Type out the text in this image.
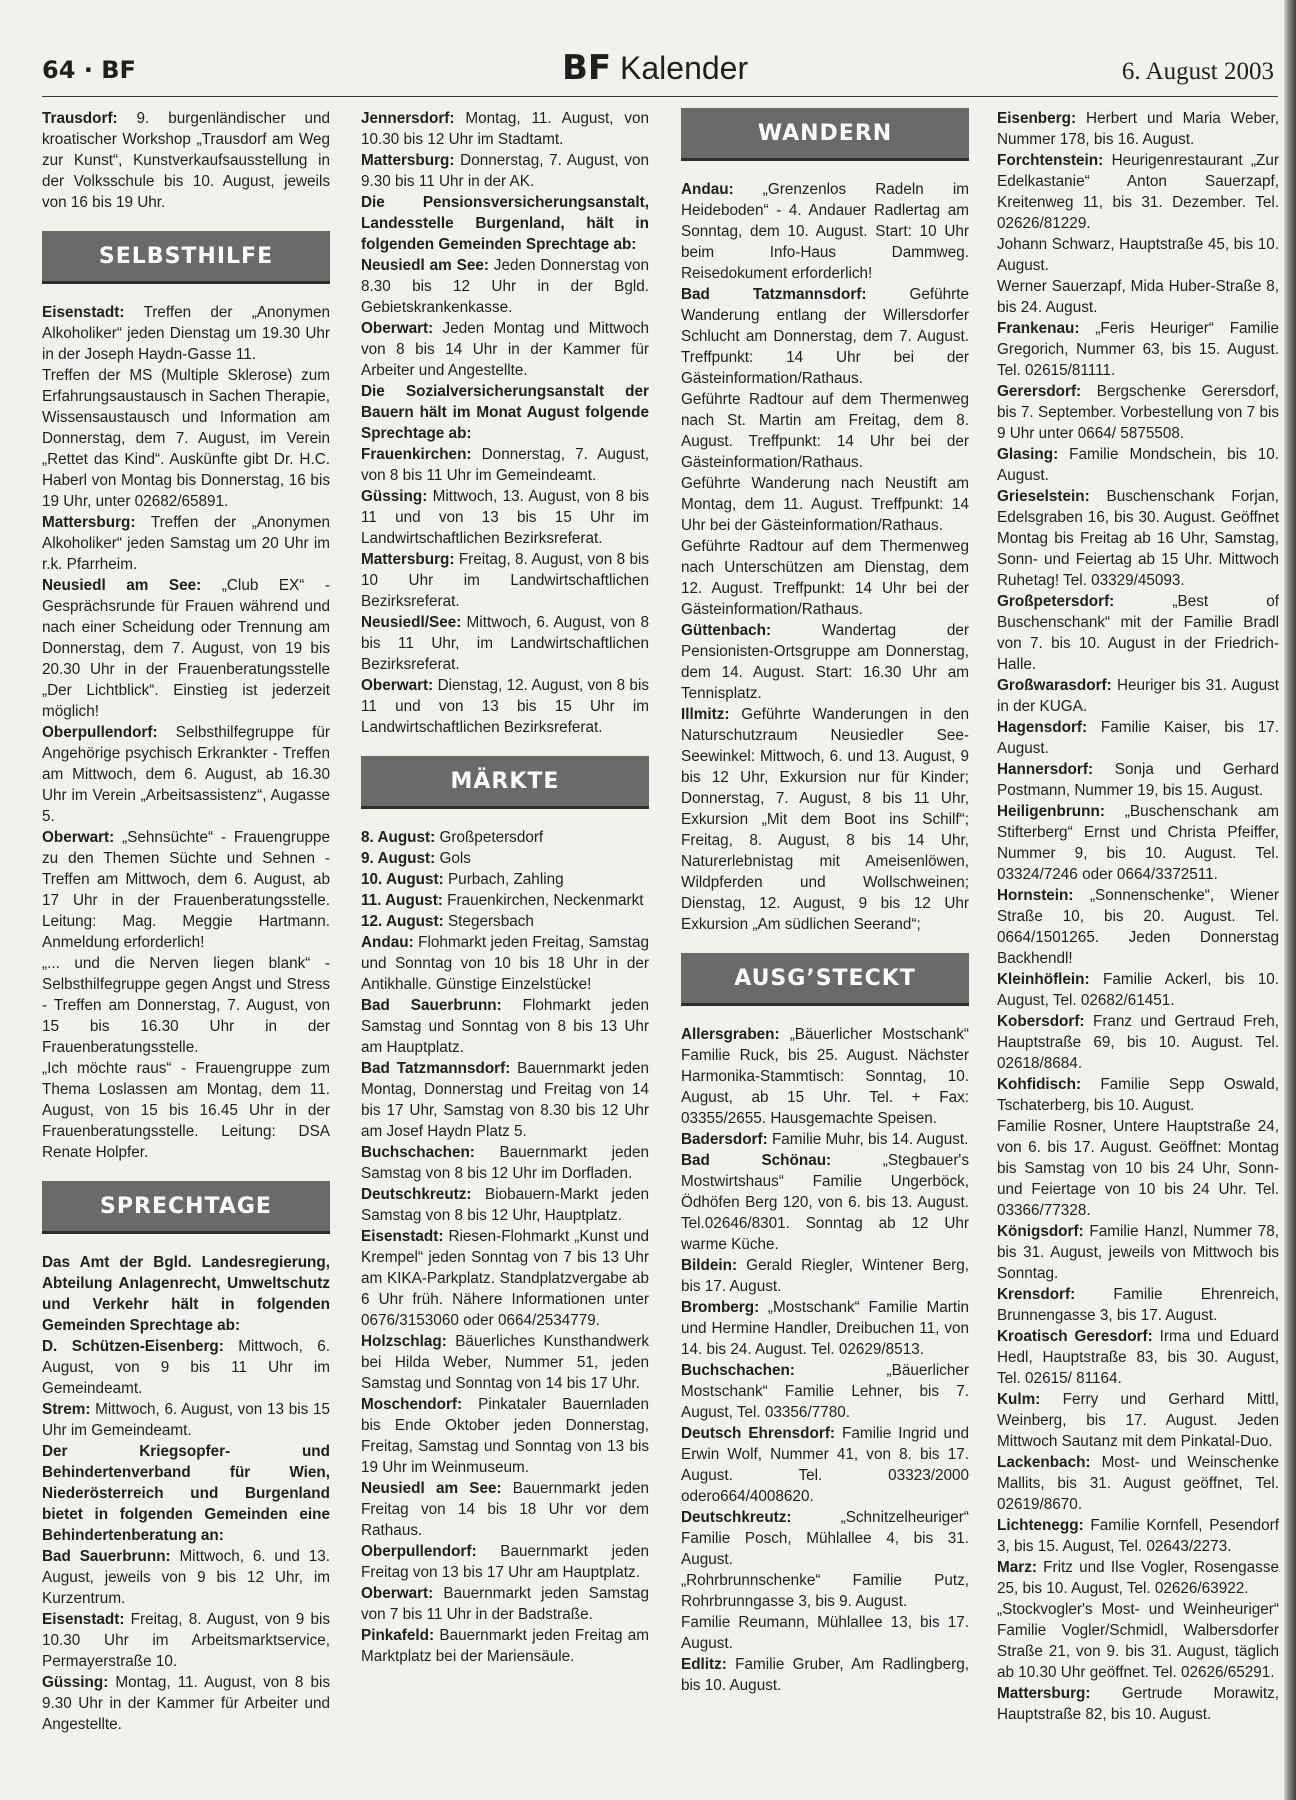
64 · BF	BF Kalender	6. August 2003

Trausdorf: 9. burgenländischer und kroatischer Workshop „Trausdorf am Weg zur Kunst“, Kunstverkaufsausstellung in der Volksschule bis 10. August, jeweils von 16 bis 19 Uhr.

SELBSTHILFE

Eisenstadt: Treffen der „Anonymen Alkoholiker“ jeden Dienstag um 19.30 Uhr in der Joseph Haydn-Gasse 11.

Treffen der MS (Multiple Sklerose) zum Erfahrungsaustausch in Sachen Therapie, Wissensaustausch und Information am Donnerstag, dem 7. August, im Verein „Rettet das Kind“. Auskünfte gibt Dr. H.C. Haberl von Montag bis Donnerstag, 16 bis 19 Uhr, unter 02682/65891.

Mattersburg: Treffen der „Anonymen Alkoholiker“ jeden Samstag um 20 Uhr im r.k. Pfarrheim.

Neusiedl am See: „Club EX“ - Gesprächsrunde für Frauen während und nach einer Scheidung oder Trennung am Donnerstag, dem 7. August, von 19 bis 20.30 Uhr in der Frauenberatungsstelle „Der Lichtblick“. Einstieg ist jederzeit möglich!

Oberpullendorf: Selbsthilfegruppe für Angehörige psychisch Erkrankter - Treffen am Mittwoch, dem 6. August, ab 16.30 Uhr im Verein „Arbeitsassistenz“, Augasse 5.

Oberwart: „Sehnsüchte“ - Frauengruppe zu den Themen Süchte und Sehnen - Treffen am Mittwoch, dem 6. August, ab 17 Uhr in der Frauenberatungsstelle. Leitung: Mag. Meggie Hartmann. Anmeldung erforderlich!

„... und die Nerven liegen blank“ - Selbsthilfegruppe gegen Angst und Stress - Treffen am Donnerstag, 7. August, von 15 bis 16.30 Uhr in der Frauenberatungsstelle.

„Ich möchte raus“ - Frauengruppe zum Thema Loslassen am Montag, dem 11. August, von 15 bis 16.45 Uhr in der Frauenberatungsstelle. Leitung: DSA Renate Holpfer.

SPRECHTAGE

Das Amt der Bgld. Landesregierung, Abteilung Anlagenrecht, Umweltschutz und Verkehr hält in folgenden Gemeinden Sprechtage ab:

D. Schützen-Eisenberg: Mittwoch, 6. August, von 9 bis 11 Uhr im Gemeindeamt.

Strem: Mittwoch, 6. August, von 13 bis 15 Uhr im Gemeindeamt.

Der Kriegsopfer- und Behindertenverband für Wien, Niederösterreich und Burgenland bietet in folgenden Gemeinden eine Behindertenberatung an:

Bad Sauerbrunn: Mittwoch, 6. und 13. August, jeweils von 9 bis 12 Uhr, im Kurzentrum.

Eisenstadt: Freitag, 8. August, von 9 bis 10.30 Uhr im Arbeitsmarktservice, Permayerstraße 10.

Güssing: Montag, 11. August, von 8 bis 9.30 Uhr in der Kammer für Arbeiter und Angestellte.

Jennersdorf: Montag, 11. August, von 10.30 bis 12 Uhr im Stadtamt.

Mattersburg: Donnerstag, 7. August, von 9.30 bis 11 Uhr in der AK.

Die Pensionsversicherungsanstalt, Landesstelle Burgenland, hält in folgenden Gemeinden Sprechtage ab:

Neusiedl am See: Jeden Donnerstag von 8.30 bis 12 Uhr in der Bgld. Gebietskrankenkasse.

Oberwart: Jeden Montag und Mittwoch von 8 bis 14 Uhr in der Kammer für Arbeiter und Angestellte.

Die Sozialversicherungsanstalt der Bauern hält im Monat August folgende Sprechtage ab:

Frauenkirchen: Donnerstag, 7. August, von 8 bis 11 Uhr im Gemeindeamt.

Güssing: Mittwoch, 13. August, von 8 bis 11 und von 13 bis 15 Uhr im Landwirtschaftlichen Bezirksreferat.

Mattersburg: Freitag, 8. August, von 8 bis 10 Uhr im Landwirtschaftlichen Bezirksreferat.

Neusiedl/See: Mittwoch, 6. August, von 8 bis 11 Uhr, im Landwirtschaftlichen Bezirksreferat.

Oberwart: Dienstag, 12. August, von 8 bis 11 und von 13 bis 15 Uhr im Landwirtschaftlichen Bezirksreferat.

MÄRKTE

8. August: Großpetersdorf

9. August: Gols

10. August: Purbach, Zahling

11. August: Frauenkirchen, Neckenmarkt

12. August: Stegersbach

Andau: Flohmarkt jeden Freitag, Samstag und Sonntag von 10 bis 18 Uhr in der Antikhalle. Günstige Einzelstücke!

Bad Sauerbrunn: Flohmarkt jeden Samstag und Sonntag von 8 bis 13 Uhr am Hauptplatz.

Bad Tatzmannsdorf: Bauernmarkt jeden Montag, Donnerstag und Freitag von 14 bis 17 Uhr, Samstag von 8.30 bis 12 Uhr am Josef Haydn Platz 5.

Buchschachen: Bauernmarkt jeden Samstag von 8 bis 12 Uhr im Dorfladen.

Deutschkreutz: Biobauern-Markt jeden Samstag von 8 bis 12 Uhr, Hauptplatz.

Eisenstadt: Riesen-Flohmarkt „Kunst und Krempel“ jeden Sonntag von 7 bis 13 Uhr am KIKA-Parkplatz. Standplatzvergabe ab 6 Uhr früh. Nähere Informationen unter 0676/3153060 oder 0664/2534779.

Holzschlag: Bäuerliches Kunsthandwerk bei Hilda Weber, Nummer 51, jeden Samstag und Sonntag von 14 bis 17 Uhr.

Moschendorf: Pinkataler Bauernladen bis Ende Oktober jeden Donnerstag, Freitag, Samstag und Sonntag von 13 bis 19 Uhr im Weinmuseum.

Neusiedl am See: Bauernmarkt jeden Freitag von 14 bis 18 Uhr vor dem Rathaus.

Oberpullendorf: Bauernmarkt jeden Freitag von 13 bis 17 Uhr am Hauptplatz.

Oberwart: Bauernmarkt jeden Samstag von 7 bis 11 Uhr in der Badstraße.

Pinkafeld: Bauernmarkt jeden Freitag am Marktplatz bei der Mariensäule.

WANDERN

Andau: „Grenzenlos Radeln im Heideboden“ - 4. Andauer Radlertag am Sonntag, dem 10. August. Start: 10 Uhr beim Info-Haus Dammweg. Reisedokument erforderlich!

Bad Tatzmannsdorf: Geführte Wanderung entlang der Willersdorfer Schlucht am Donnerstag, dem 7. August. Treffpunkt: 14 Uhr bei der Gästeinformation/Rathaus.

Geführte Radtour auf dem Thermenweg nach St. Martin am Freitag, dem 8. August. Treffpunkt: 14 Uhr bei der Gästeinformation/Rathaus.

Geführte Wanderung nach Neustift am Montag, dem 11. August. Treffpunkt: 14 Uhr bei der Gästeinformation/Rathaus.

Geführte Radtour auf dem Thermenweg nach Unterschützen am Dienstag, dem 12. August. Treffpunkt: 14 Uhr bei der Gästeinformation/Rathaus.

Güttenbach: Wandertag der Pensionisten-Ortsgruppe am Donnerstag, dem 14. August. Start: 16.30 Uhr am Tennisplatz.

Illmitz: Geführte Wanderungen in den Naturschutzraum Neusiedler See-Seewinkel: Mittwoch, 6. und 13. August, 9 bis 12 Uhr, Exkursion nur für Kinder; Donnerstag, 7. August, 8 bis 11 Uhr, Exkursion „Mit dem Boot ins Schilf“; Freitag, 8. August, 8 bis 14 Uhr, Naturerlebnistag mit Ameisenlöwen, Wildpferden und Wollschweinen; Dienstag, 12. August, 9 bis 12 Uhr Exkursion „Am südlichen Seerand“;

AUSG’STECKT

Allersgraben: „Bäuerlicher Mostschank“ Familie Ruck, bis 25. August. Nächster Harmonika-Stammtisch: Sonntag, 10. August, ab 15 Uhr. Tel. + Fax: 03355/2655. Hausgemachte Speisen.

Badersdorf: Familie Muhr, bis 14. August.

Bad Schönau: „Stegbauer's Mostwirtshaus“ Familie Ungerböck, Ödhöfen Berg 120, von 6. bis 13. August. Tel.02646/8301. Sonntag ab 12 Uhr warme Küche.

Bildein: Gerald Riegler, Wintener Berg, bis 17. August.

Bromberg: „Mostschank“ Familie Martin und Hermine Handler, Dreibuchen 11, von 14. bis 24. August. Tel. 02629/8513.

Buchschachen: „Bäuerlicher Mostschank“ Familie Lehner, bis 7. August, Tel. 03356/7780.

Deutsch Ehrensdorf: Familie Ingrid und Erwin Wolf, Nummer 41, von 8. bis 17. August. Tel. 03323/2000 odero664/4008620.

Deutschkreutz: „Schnitzelheuriger“ Familie Posch, Mühlallee 4, bis 31. August.

„Rohrbrunnschenke“ Familie Putz, Rohrbrunngasse 3, bis 9. August.

Familie Reumann, Mühlallee 13, bis 17. August.

Edlitz: Familie Gruber, Am Radlingberg, bis 10. August.

Eisenberg: Herbert und Maria Weber, Nummer 178, bis 16. August.

Forchtenstein: Heurigenrestaurant „Zur Edelkastanie“ Anton Sauerzapf, Kreitenweg 11, bis 31. Dezember. Tel. 02626/81229.

Johann Schwarz, Hauptstraße 45, bis 10. August.

Werner Sauerzapf, Mida Huber-Straße 8, bis 24. August.

Frankenau: „Feris Heuriger“ Familie Gregorich, Nummer 63, bis 15. August. Tel. 02615/81111.

Gerersdorf: Bergschenke Gerersdorf, bis 7. September. Vorbestellung von 7 bis 9 Uhr unter 0664/ 5875508.

Glasing: Familie Mondschein, bis 10. August.

Grieselstein: Buschenschank Forjan, Edelsgraben 16, bis 30. August. Geöffnet Montag bis Freitag ab 16 Uhr, Samstag, Sonn- und Feiertag ab 15 Uhr. Mittwoch Ruhetag! Tel. 03329/45093.

Großpetersdorf: „Best of Buschenschank“ mit der Familie Bradl von 7. bis 10. August in der Friedrich-Halle.

Großwarasdorf: Heuriger bis 31. August in der KUGA.

Hagensdorf: Familie Kaiser, bis 17. August.

Hannersdorf: Sonja und Gerhard Postmann, Nummer 19, bis 15. August.

Heiligenbrunn: „Buschenschank am Stifterberg“ Ernst und Christa Pfeiffer, Nummer 9, bis 10. August. Tel. 03324/7246 oder 0664/3372511.

Hornstein: „Sonnenschenke“, Wiener Straße 10, bis 20. August. Tel. 0664/1501265. Jeden Donnerstag Backhendl!

Kleinhöflein: Familie Ackerl, bis 10. August, Tel. 02682/61451.

Kobersdorf: Franz und Gertraud Freh, Hauptstraße 69, bis 10. August. Tel. 02618/8684.

Kohfidisch: Familie Sepp Oswald, Tschaterberg, bis 10. August.

Familie Rosner, Untere Hauptstraße 24, von 6. bis 17. August. Geöffnet: Montag bis Samstag von 10 bis 24 Uhr, Sonn- und Feiertage von 10 bis 24 Uhr. Tel. 03366/77328.

Königsdorf: Familie Hanzl, Nummer 78, bis 31. August, jeweils von Mittwoch bis Sonntag.

Krensdorf: Familie Ehrenreich, Brunnengasse 3, bis 17. August.

Kroatisch Geresdorf: Irma und Eduard Hedl, Hauptstraße 83, bis 30. August, Tel. 02615/ 81164.

Kulm: Ferry und Gerhard Mittl, Weinberg, bis 17. August. Jeden Mittwoch Sautanz mit dem Pinkatal-Duo.

Lackenbach: Most- und Weinschenke Mallits, bis 31. August geöffnet, Tel. 02619/8670.

Lichtenegg: Familie Kornfell, Pesendorf 3, bis 15. August, Tel. 02643/2273.

Marz: Fritz und Ilse Vogler, Rosengasse 25, bis 10. August, Tel. 02626/63922.

„Stockvogler's Most- und Weinheuriger“ Familie Vogler/Schmidl, Walbersdorfer Straße 21, von 9. bis 31. August, täglich ab 10.30 Uhr geöffnet. Tel. 02626/65291.

Mattersburg: Gertrude Morawitz, Hauptstraße 82, bis 10. August.
